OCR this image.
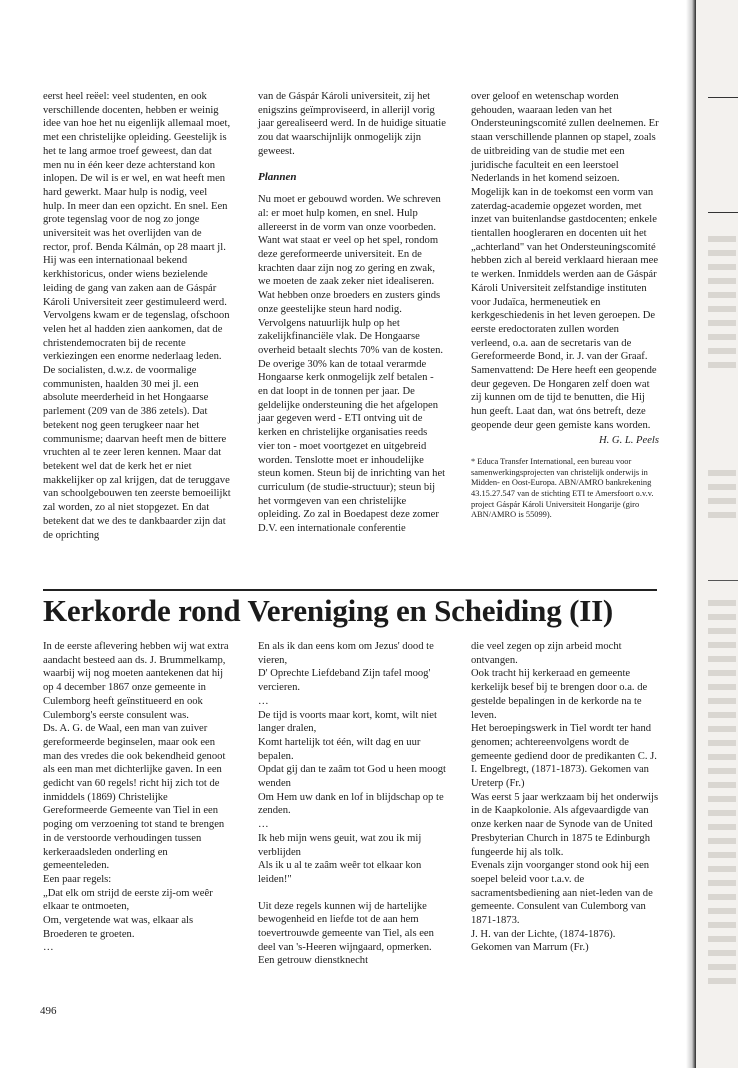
eerst heel reëel: veel studenten, en ook verschillende docenten, hebben er weinig idee van hoe het nu eigenlijk allemaal moet, met een christelijke opleiding. Geestelijk is het te lang armoe troef geweest, dan dat men nu in één keer deze achterstand kon inlopen. De wil is er wel, en wat heeft men hard gewerkt. Maar hulp is nodig, veel hulp. In meer dan een opzicht. En snel. Een grote tegenslag voor de nog zo jonge universiteit was het overlijden van de rector, prof. Benda Kálmán, op 28 maart jl. Hij was een internationaal bekend kerkhistoricus, onder wiens bezielende leiding de gang van zaken aan de Gáspár Károli Universiteit zeer gestimuleerd werd. Vervolgens kwam er de tegenslag, ofschoon velen het al hadden zien aankomen, dat de christendemocraten bij de recente verkiezingen een enorme nederlaag leden. De socialisten, d.w.z. de voormalige communisten, haalden 30 mei jl. een absolute meerderheid in het Hongaarse parlement (209 van de 386 zetels). Dat betekent nog geen terugkeer naar het communisme; daarvan heeft men de bittere vruchten al te zeer leren kennen. Maar dat betekent wel dat de kerk het er niet makkelijker op zal krijgen, dat de teruggave van schoolgebouwen ten zeerste bemoeilijkt zal worden, zo al niet stopgezet. En dat betekent dat we des te dankbaarder zijn dat de oprichting

van de Gáspár Károli universiteit, zij het enigszins geïmproviseerd, in allerijl vorig jaar gerealiseerd werd. In de huidige situatie zou dat waarschijnlijk onmogelijk zijn geweest.

Plannen

Nu moet er gebouwd worden. We schreven al: er moet hulp komen, en snel. Hulp allereerst in de vorm van onze voorbeden. Want wat staat er veel op het spel, rondom deze gereformeerde universiteit. En de krachten daar zijn nog zo gering en zwak, we moeten de zaak zeker niet idealiseren. Wat hebben onze broeders en zusters ginds onze geestelijke steun hard nodig. Vervolgens natuurlijk hulp op het zakelijkfinanciële vlak. De Hongaarse overheid betaalt slechts 70% van de kosten. De overige 30% kan de totaal verarmde Hongaarse kerk onmogelijk zelf betalen - en dat loopt in de tonnen per jaar. De geldelijke ondersteuning die het afgelopen jaar gegeven werd - ETI ontving uit de kerken en christelijke organisaties reeds vier ton - moet voortgezet en uitgebreid worden. Tenslotte moet er inhoudelijke steun komen. Steun bij de inrichting van het curriculum (de studie-structuur); steun bij het vormgeven van een christelijke opleiding. Zo zal in Boedapest deze zomer D.V. een internationale conferentie

over geloof en wetenschap worden gehouden, waaraan leden van het Ondersteuningscomité zullen deelnemen. Er staan verschillende plannen op stapel, zoals de uitbreiding van de studie met een juridische faculteit en een leerstoel Nederlands in het komend seizoen. Mogelijk kan in de toekomst een vorm van zaterdag-academie opgezet worden, met inzet van buitenlandse gastdocenten; enkele tientallen hoogleraren en docenten uit het „achterland" van het Ondersteuningscomité hebben zich al bereid verklaard hieraan mee te werken. Inmiddels werden aan de Gáspár Károli Universiteit zelfstandige instituten voor Judaïca, hermeneutiek en kerkgeschiedenis in het leven geroepen. De eerste eredoctoraten zullen worden verleend, o.a. aan de secretaris van de Gereformeerde Bond, ir. J. van der Graaf.

Samenvattend: De Here heeft een geopende deur gegeven. De Hongaren zelf doen wat zij kunnen om de tijd te benutten, die Hij hun geeft. Laat dan, wat óns betreft, deze geopende deur geen gemiste kans worden.

H. G. L. Peels

* Educa Transfer International, een bureau voor samenwerkingsprojecten van christelijk onderwijs in Midden- en Oost-Europa. ABN/AMRO bankrekening 43.15.27.547 van de stichting ETI te Amersfoort o.v.v. project Gáspár Károli Universiteit Hongarije (giro ABN/AMRO is 55099).

Kerkorde rond Vereniging en Scheiding (II)

In de eerste aflevering hebben wij wat extra aandacht besteed aan ds. J. Brummelkamp, waarbij wij nog moeten aantekenen dat hij op 4 december 1867 onze gemeente in Culemborg heeft geïnstitueerd en ook Culemborg's eerste consulent was.
Ds. A. G. de Waal, een man van zuiver gereformeerde beginselen, maar ook een man des vredes die ook bekendheid genoot als een man met dichterlijke gaven. In een gedicht van 60 regels! richt hij zich tot de inmiddels (1869) Christelijke Gereformeerde Gemeente van Tiel in een poging om verzoening tot stand te brengen in de verstoorde verhoudingen tussen kerkeraadsleden onderling en gemeenteleden.
Een paar regels:
„Dat elk om strijd de eerste zij-om weêr elkaar te ontmoeten,
Om, vergetende wat was, elkaar als Broederen te groeten.
…

En als ik dan eens kom om Jezus' dood te vieren,
D' Oprechte Liefdeband Zijn tafel moog' vercieren.
…
De tijd is voorts maar kort, komt, wilt niet langer dralen,
Komt hartelijk tot één, wilt dag en uur bepalen.
Opdat gij dan te zaâm tot God u heen moogt wenden
Om Hem uw dank en lof in blijdschap op te zenden.
…
Ik heb mijn wens geuit, wat zou ik mij verblijden
Als ik u al te zaâm weêr tot elkaar kon leiden!"

Uit deze regels kunnen wij de hartelijke bewogenheid en liefde tot de aan hem toevertrouwde gemeente van Tiel, als een deel van 's-Heeren wijngaard, opmerken. Een getrouw dienstknecht

die veel zegen op zijn arbeid mocht ontvangen.
Ook tracht hij kerkeraad en gemeente kerkelijk besef bij te brengen door o.a. de gestelde bepalingen in de kerkorde na te leven.
Het beroepingswerk in Tiel wordt ter hand genomen; achtereenvolgens wordt de gemeente gediend door de predikanten C. J. I. Engelbregt, (1871-1873). Gekomen van Ureterp (Fr.)
Was eerst 5 jaar werkzaam bij het onderwijs in de Kaapkolonie. Als afgevaardigde van onze kerken naar de Synode van de United Presbyterian Church in 1875 te Edinburgh fungeerde hij als tolk.
Evenals zijn voorganger stond ook hij een soepel beleid voor t.a.v. de sacramentsbediening aan niet-leden van de gemeente. Consulent van Culemborg van 1871-1873.
J. H. van der Lichte, (1874-1876). Gekomen van Marrum (Fr.)

496
